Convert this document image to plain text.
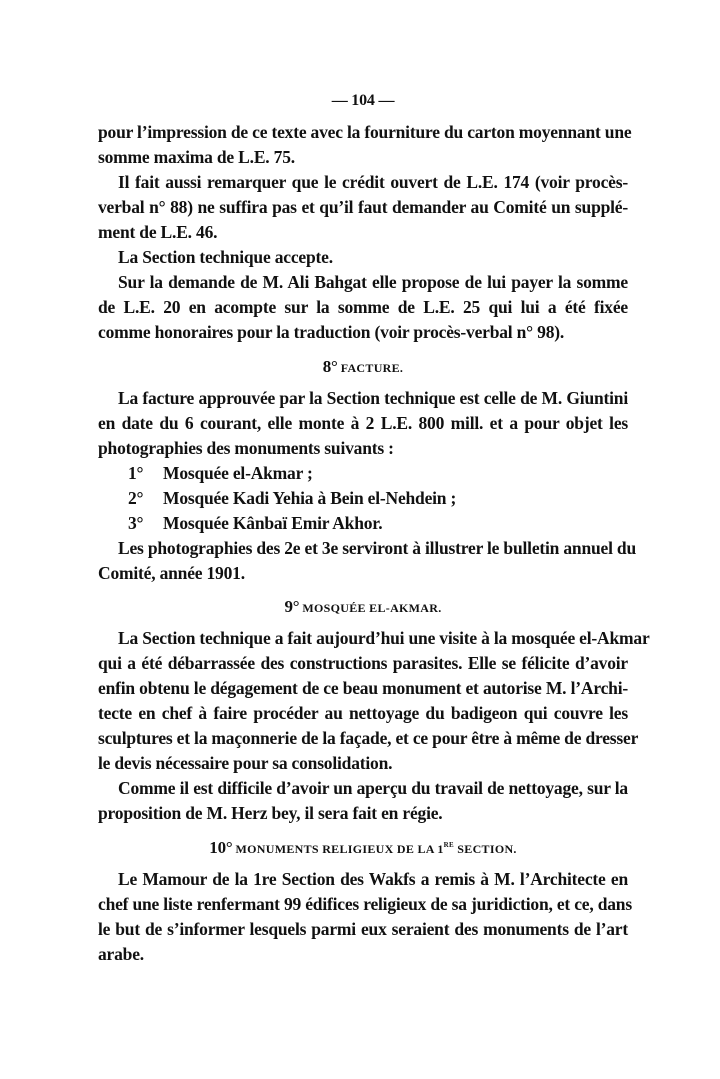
— 104 —
pour l’impression de ce texte avec la fourniture du carton moyennant une
somme maxima de L.E. 75.
Il fait aussi remarquer que le crédit ouvert de L.E. 174 (voir procès-
verbal n° 88) ne suffira pas et qu’il faut demander au Comité un supplé-
ment de L.E. 46.
La Section technique accepte.
Sur la demande de M. Ali Bahgat elle propose de lui payer la somme
de L.E. 20 en acompte sur la somme de L.E. 25 qui lui a été fixée
comme honoraires pour la traduction (voir procès-verbal n° 98).
8° FACTURE.
La facture approuvée par la Section technique est celle de M. Giuntini
en date du 6 courant, elle monte à 2 L.E. 800 mill. et a pour objet les
photographies des monuments suivants :
1° Mosquée el-Akmar ;
2° Mosquée Kadi Yehia à Bein el-Nehdein ;
3° Mosquée Kânbaï Emir Akhor.
Les photographies des 2e et 3e serviront à illustrer le bulletin annuel du
Comité, année 1901.
9° MOSQUÉE EL-AKMAR.
La Section technique a fait aujourd’hui une visite à la mosquée el-Akmar
qui a été débarrassée des constructions parasites. Elle se félicite d’avoir
enfin obtenu le dégagement de ce beau monument et autorise M. l’Archi-
tecte en chef à faire procéder au nettoyage du badigeon qui couvre les
sculptures et la maçonnerie de la façade, et ce pour être à même de dresser
le devis nécessaire pour sa consolidation.
Comme il est difficile d’avoir un aperçu du travail de nettoyage, sur la
proposition de M. Herz bey, il sera fait en régie.
10° MONUMENTS RELIGIEUX DE LA 1re SECTION.
Le Mamour de la 1re Section des Wakfs a remis à M. l’Architecte en
chef une liste renfermant 99 édifices religieux de sa juridiction, et ce, dans
le but de s’informer lesquels parmi eux seraient des monuments de l’art
arabe.
